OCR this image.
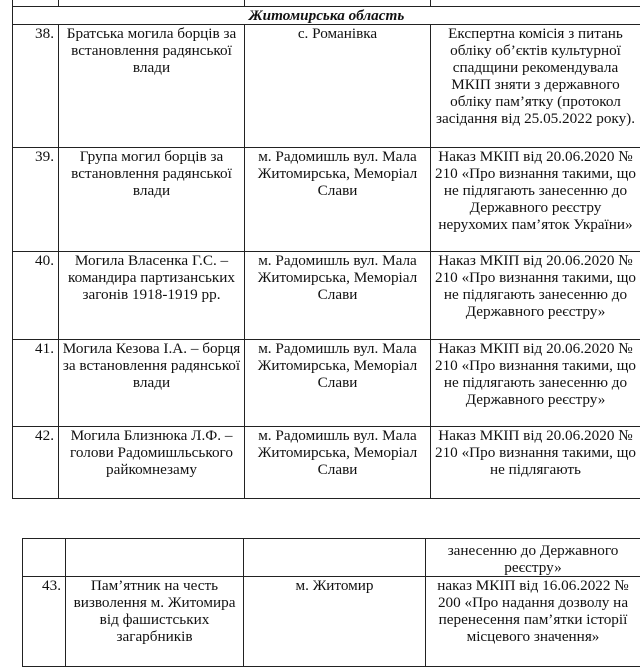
Житомирська область			
38.	Братська могила борців за встановлення радянської влади	с. Романівка	Експертна комісія з питань обліку об’єктів культурної спадщини рекомендувала МКІП зняти з державного обліку пам’ятку (протокол засідання від 25.05.2022 року).
39.	Група могил борців за встановлення радянської влади	м. Радомишль вул. Мала Житомирська, Меморіал Слави	Наказ МКІП від 20.06.2020 № 210 «Про визнання такими, що не підлягають занесенню до Державного реєстру нерухомих пам’яток України»
40.	Могила Власенка Г.С. – командира партизанських загонів 1918-1919 рр.	м. Радомишль вул. Мала Житомирська, Меморіал Слави	Наказ МКІП від 20.06.2020 № 210 «Про визнання такими, що не підлягають занесенню до Державного реєстру»
41.	Могила Кезова І.А. – борця за встановлення радянської влади	м. Радомишль вул. Мала Житомирська, Меморіал Слави	Наказ МКІП від 20.06.2020 № 210 «Про визнання такими, що не підлягають занесенню до Державного реєстру»
42.	Могила Близнюка Л.Ф. – голови Радомишльського райкомнезаму	м. Радомишль вул. Мала Житомирська, Меморіал Слави	Наказ МКІП від 20.06.2020 № 210 «Про визнання такими, що не підлягають
			занесенню до Державного реєстру»
43.	Пам’ятник на честь визволення м. Житомира від фашистських загарбників	м. Житомир	наказ МКІП від 16.06.2022 № 200 «Про надання дозволу на перенесення пам’ятки історії місцевого значення»
